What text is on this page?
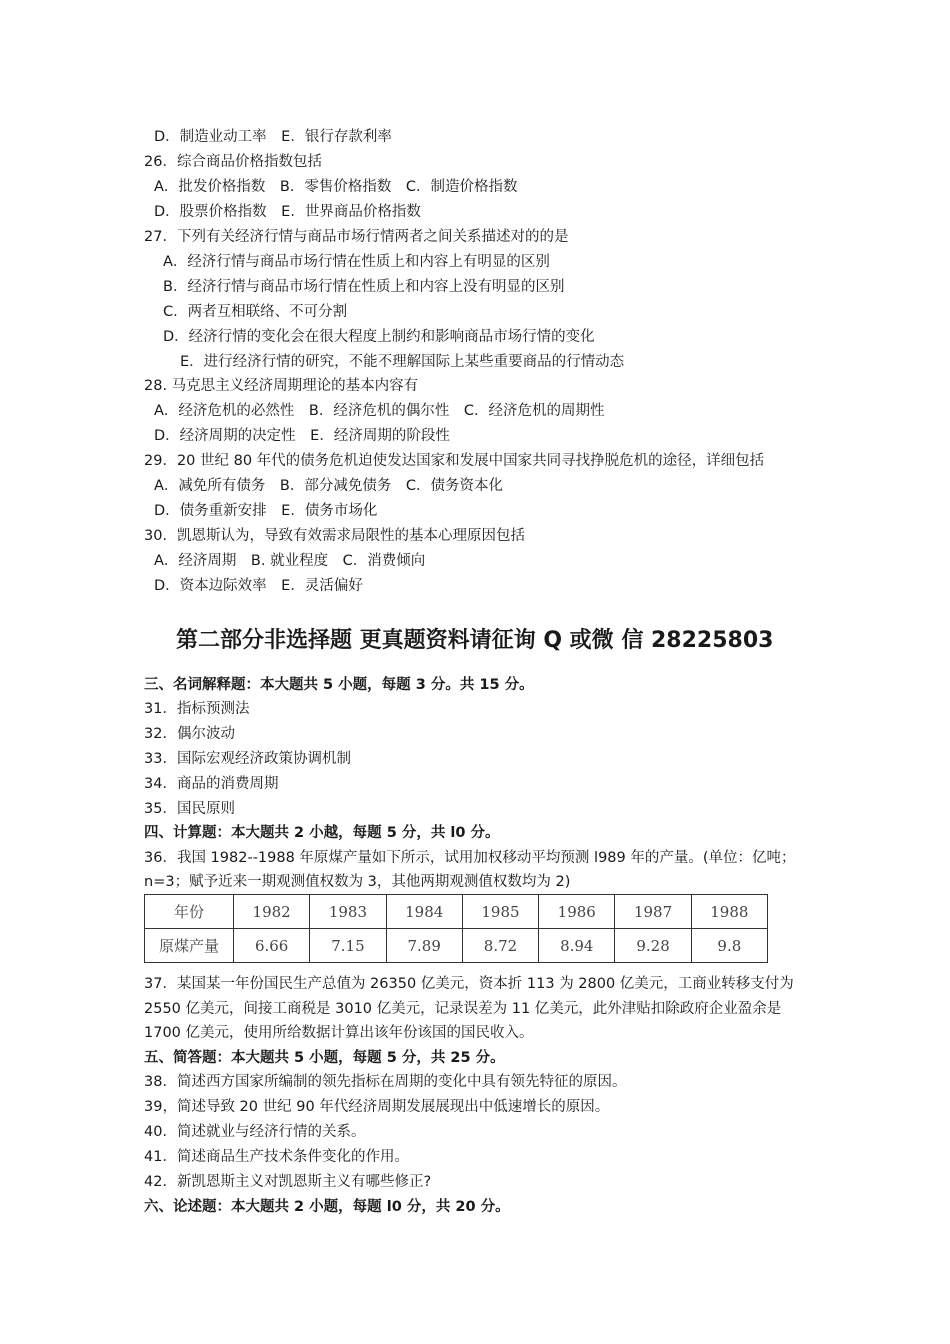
D．制造业动工率　E．银行存款利率
26．综合商品价格指数包括
A．批发价格指数　B．零售价格指数　C．制造价格指数
D．股票价格指数　E．世界商品价格指数
27．下列有关经济行情与商品市场行情两者之间关系描述对的的是
A．经济行情与商品市场行情在性质上和内容上有明显的区别
B．经济行情与商品市场行情在性质上和内容上没有明显的区别
C．两者互相联络、不可分割
D．经济行情的变化会在很大程度上制约和影响商品市场行情的变化
E．进行经济行情的研究，不能不理解国际上某些重要商品的行情动态
28. 马克思主义经济周期理论的基本内容有
A．经济危机的必然性　B．经济危机的偶尔性　C．经济危机的周期性
D．经济周期的决定性　E．经济周期的阶段性
29．20 世纪 80 年代的债务危机迫使发达国家和发展中国家共同寻找挣脱危机的途径，详细包括
A．减免所有债务　B．部分减免债务　C．债务资本化
D．债务重新安排　E．债务市场化
30．凯恩斯认为，导致有效需求局限性的基本心理原因包括
A．经济周期　B. 就业程度　C．消费倾向
D．资本边际效率　E．灵活偏好
第二部分非选择题 更真题资料请征询 Q 或微 信 28225803
三、名词解释题：本大题共 5 小题，每题 3 分。共 15 分。
31．指标预测法
32．偶尔波动
33．国际宏观经济政策协调机制
34．商品的消费周期
35．国民原则
四、计算题：本大题共 2 小越，每题 5 分，共 l0 分。
36．我国 1982--1988 年原煤产量如下所示，试用加权移动平均预测 l989 年的产量。(单位：亿吨；
n=3；赋予近来一期观测值权数为 3，其他两期观测值权数均为 2)
年份	1982	1983	1984	1985	1986	1987	1988
原煤产量	6.66	7.15	7.89	8.72	8.94	9.28	9.8
37．某国某一年份国民生产总值为 26350 亿美元，资本折 113 为 2800 亿美元，工商业转移支付为
2550 亿美元，间接工商税是 3010 亿美元，记录误差为 11 亿美元，此外津贴扣除政府企业盈余是
1700 亿美元，使用所给数据计算出该年份该国的国民收入。
五、简答题：本大题共 5 小题，每题 5 分，共 25 分。
38．简述西方国家所编制的领先指标在周期的变化中具有领先特征的原因。
39，简述导致 20 世纪 90 年代经济周期发展展现出中低速增长的原因。
40．简述就业与经济行情的关系。
41．简述商品生产技术条件变化的作用。
42．新凯恩斯主义对凯恩斯主义有哪些修正?
六、论述题：本大题共 2 小题，每题 l0 分，共 20 分。
